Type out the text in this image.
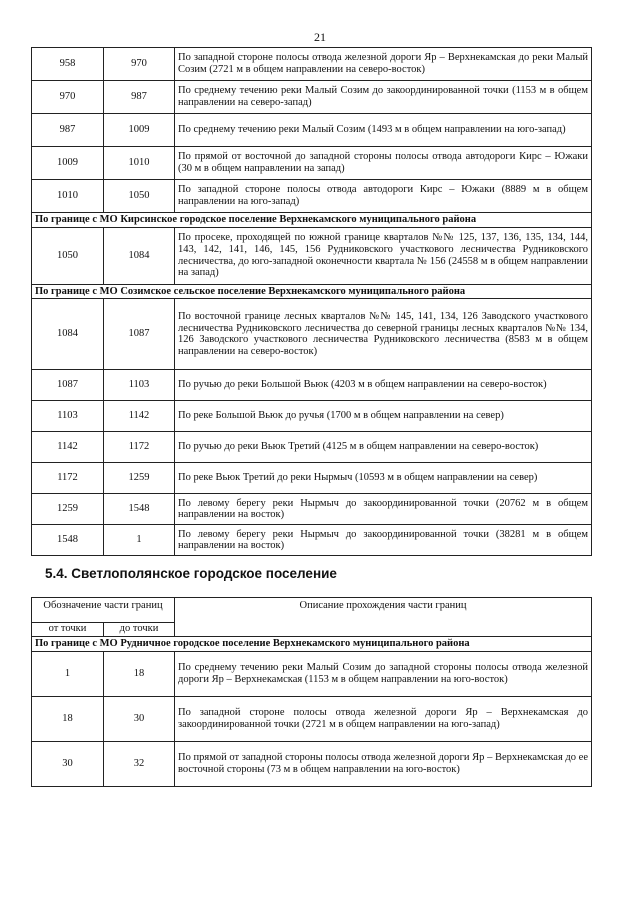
21
958	970	По западной стороне полосы отвода железной дороги Яр – Верхнекамская до реки Малый Созим (2721 м в общем направлении на северо-восток)
970	987	По среднему течению реки Малый Созим до закоординированной точки (1153 м в общем направлении на северо-запад)
987	1009	По среднему течению реки Малый Созим (1493 м в общем направлении на юго-запад)
1009	1010	По прямой от восточной до западной стороны полосы отвода автодороги Кирс – Южаки (30 м в общем направлении на запад)
1010	1050	По западной стороне полосы отвода автодороги Кирс – Южаки (8889 м в общем направлении на юго-запад)
По границе с МО Кирсинское городское поселение Верхнекамского муниципального района		
1050	1084	По просеке, проходящей по южной границе кварталов №№ 125, 137, 136, 135, 134, 144, 143, 142, 141, 146, 145, 156 Рудниковского участкового лесничества Рудниковского лесничества, до юго-западной оконечности квартала № 156 (24558 м в общем направлении на запад)
По границе с МО Созимское сельское поселение Верхнекамского муниципального района		
1084	1087	По восточной границе лесных кварталов №№ 145, 141, 134, 126 Заводского участкового лесничества Рудниковского лесничества до северной границы лесных кварталов №№ 134, 126 Заводского участкового лесничества Рудниковского лесничества (8583 м в общем направлении на северо-восток)
1087	1103	По ручью до реки Большой Вьюк (4203 м в общем направлении на северо-восток)
1103	1142	По реке Большой Вьюк до ручья (1700 м в общем направлении на север)
1142	1172	По ручью до реки Вьюк Третий (4125 м в общем направлении на северо-восток)
1172	1259	По реке Вьюк Третий до реки Нырмыч (10593 м в общем направлении на север)
1259	1548	По левому берегу реки Нырмыч до закоординированной точки (20762 м в общем направлении на восток)
1548	1	По левому берегу реки Нырмыч до закоординированной точки (38281 м в общем направлении на восток)
5.4. Светлополянское городское поселение
Обозначение части границ		Описание прохождения части границ
от точки	до точки	
По границе с МО Рудничное городское поселение Верхнекамского муниципального района		
1	18	По среднему течению реки Малый Созим до западной стороны полосы отвода железной дороги Яр – Верхнекамская (1153 м в общем направлении на юго-восток)
18	30	По западной стороне полосы отвода железной дороги Яр – Верхнекамская до закоординированной точки (2721 м в общем направлении на юго-запад)
30	32	По прямой от западной стороны полосы отвода железной дороги Яр – Верхнекамская до ее восточной стороны (73 м в общем направлении на юго-восток)
